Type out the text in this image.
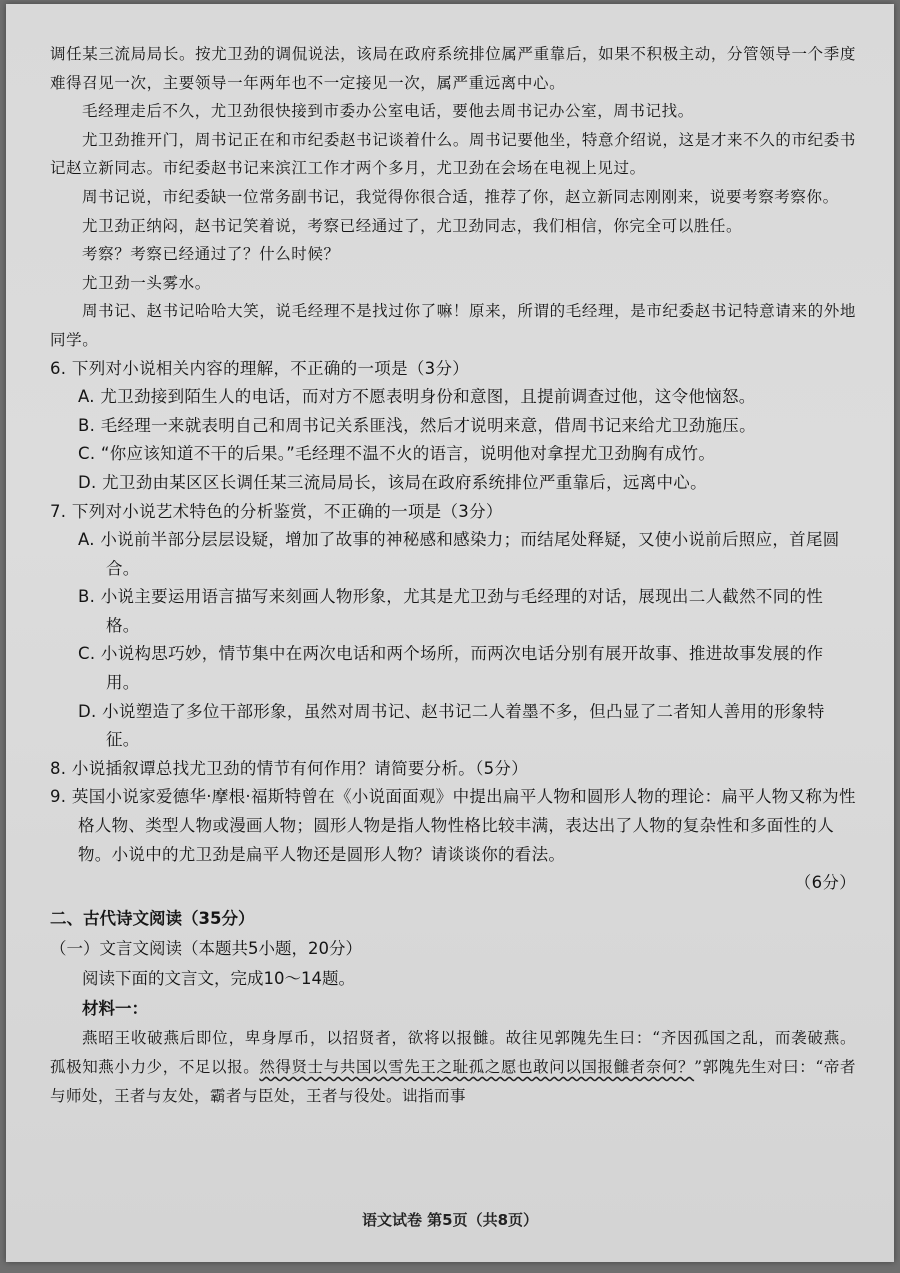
调任某三流局局长。按尤卫劲的调侃说法，该局在政府系统排位属严重靠后，如果不积极主动，分管领导一个季度难得召见一次，主要领导一年两年也不一定接见一次，属严重远离中心。

毛经理走后不久，尤卫劲很快接到市委办公室电话，要他去周书记办公室，周书记找。

尤卫劲推开门，周书记正在和市纪委赵书记谈着什么。周书记要他坐，特意介绍说，这是才来不久的市纪委书记赵立新同志。市纪委赵书记来滨江工作才两个多月，尤卫劲在会场在电视上见过。

周书记说，市纪委缺一位常务副书记，我觉得你很合适，推荐了你，赵立新同志刚刚来，说要考察考察你。

尤卫劲正纳闷，赵书记笑着说，考察已经通过了，尤卫劲同志，我们相信，你完全可以胜任。

考察？考察已经通过了？什么时候？

尤卫劲一头雾水。

周书记、赵书记哈哈大笑，说毛经理不是找过你了嘛！原来，所谓的毛经理，是市纪委赵书记特意请来的外地同学。

6. 下列对小说相关内容的理解，不正确的一项是（3分）
A. 尤卫劲接到陌生人的电话，而对方不愿表明身份和意图，且提前调查过他，这令他恼怒。
B. 毛经理一来就表明自己和周书记关系匪浅，然后才说明来意，借周书记来给尤卫劲施压。
C. “你应该知道不干的后果。”毛经理不温不火的语言，说明他对拿捏尤卫劲胸有成竹。
D. 尤卫劲由某区区长调任某三流局局长，该局在政府系统排位严重靠后，远离中心。
7. 下列对小说艺术特色的分析鉴赏，不正确的一项是（3分）
A. 小说前半部分层层设疑，增加了故事的神秘感和感染力；而结尾处释疑，又使小说前后照应，首尾圆合。
B. 小说主要运用语言描写来刻画人物形象，尤其是尤卫劲与毛经理的对话，展现出二人截然不同的性格。
C. 小说构思巧妙，情节集中在两次电话和两个场所，而两次电话分别有展开故事、推进故事发展的作用。
D. 小说塑造了多位干部形象，虽然对周书记、赵书记二人着墨不多，但凸显了二者知人善用的形象特征。
8. 小说插叙谭总找尤卫劲的情节有何作用？请简要分析。（5分）
9. 英国小说家爱德华·摩根·福斯特曾在《小说面面观》中提出扁平人物和圆形人物的理论：扁平人物又称为性格人物、类型人物或漫画人物；圆形人物是指人物性格比较丰满，表达出了人物的复杂性和多面性的人物。小说中的尤卫劲是扁平人物还是圆形人物？请谈谈你的看法。
（6分）
二、古代诗文阅读（35分）
（一）文言文阅读（本题共5小题，20分）
阅读下面的文言文，完成10～14题。
材料一：

燕昭王收破燕后即位，卑身厚币，以招贤者，欲将以报雠。故往见郭隗先生曰：“齐因孤国之乱，而袭破燕。孤极知燕小力少，不足以报。然得贤士与共国以雪先王之耻孤之愿也敢问以国报雠者奈何？”郭隗先生对曰：“帝者与师处，王者与友处，霸者与臣处，王者与役处。诎指而事

语文试卷 第5页（共8页）
